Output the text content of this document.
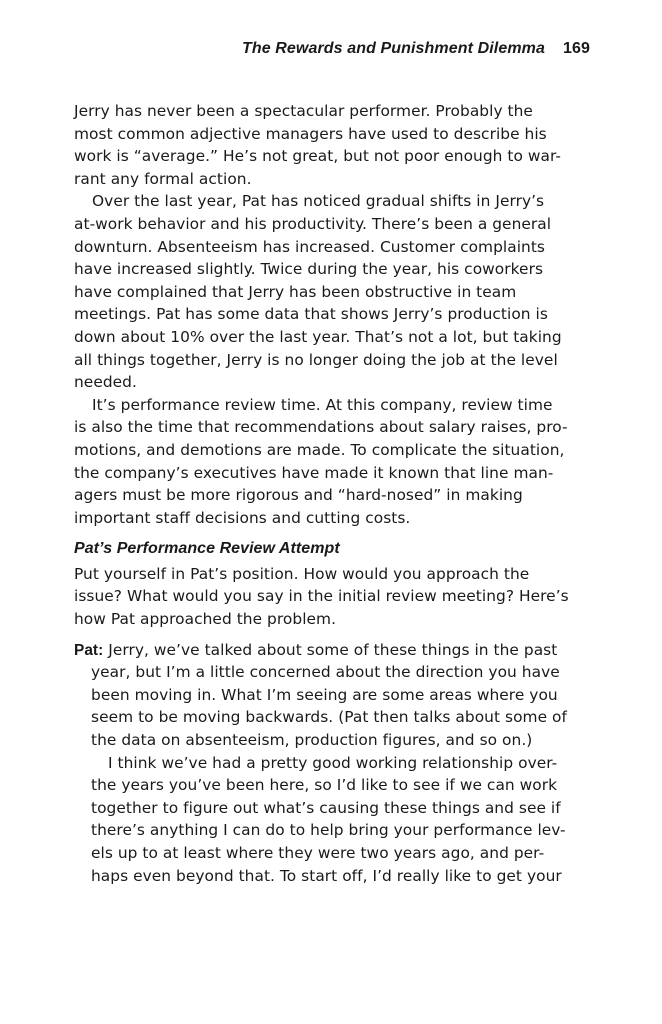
The Rewards and Punishment Dilemma 169
Jerry has never been a spectacular performer. Probably the
most common adjective managers have used to describe his
work is “average.” He’s not great, but not poor enough to war-
rant any formal action.
Over the last year, Pat has noticed gradual shifts in Jerry’s
at-work behavior and his productivity. There’s been a general
downturn. Absenteeism has increased. Customer complaints
have increased slightly. Twice during the year, his coworkers
have complained that Jerry has been obstructive in team
meetings. Pat has some data that shows Jerry’s production is
down about 10% over the last year. That’s not a lot, but taking
all things together, Jerry is no longer doing the job at the level
needed.
It’s performance review time. At this company, review time
is also the time that recommendations about salary raises, pro-
motions, and demotions are made. To complicate the situation,
the company’s executives have made it known that line man-
agers must be more rigorous and “hard-nosed” in making
important staff decisions and cutting costs.
Pat’s Performance Review Attempt
Put yourself in Pat’s position. How would you approach the
issue? What would you say in the initial review meeting? Here’s
how Pat approached the problem.
Pat: Jerry, we’ve talked about some of these things in the past
year, but I’m a little concerned about the direction you have
been moving in. What I’m seeing are some areas where you
seem to be moving backwards. (Pat then talks about some of
the data on absenteeism, production figures, and so on.)
I think we’ve had a pretty good working relationship over-
the years you’ve been here, so I’d like to see if we can work
together to figure out what’s causing these things and see if
there’s anything I can do to help bring your performance lev-
els up to at least where they were two years ago, and per-
haps even beyond that. To start off, I’d really like to get your
